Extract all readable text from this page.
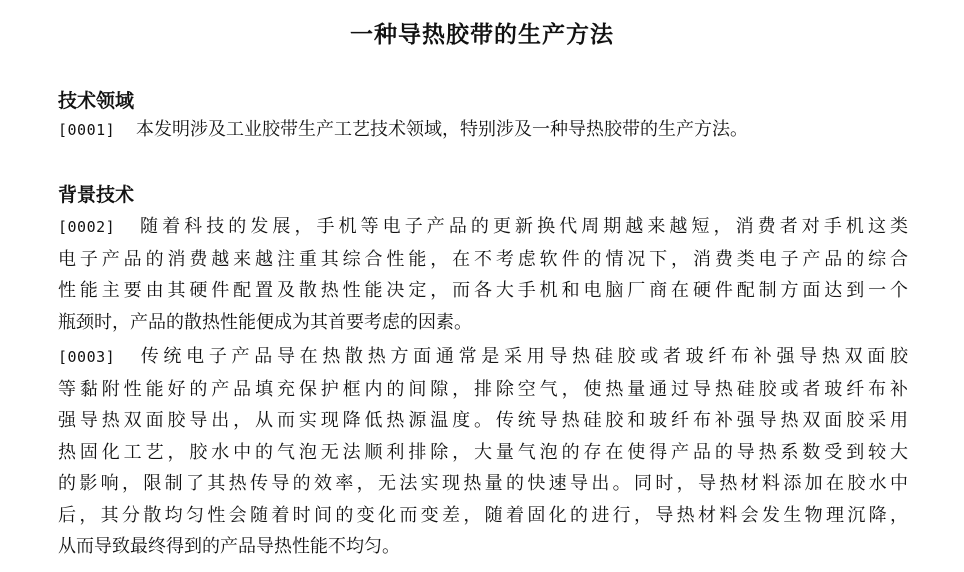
一种导热胶带的生产方法
技术领域
[0001] 本发明涉及工业胶带生产工艺技术领域，特别涉及一种导热胶带的生产方法。
背景技术
[0002] 随着科技的发展，手机等电子产品的更新换代周期越来越短，消费者对手机这类
电子产品的消费越来越注重其综合性能，在不考虑软件的情况下，消费类电子产品的综合
性能主要由其硬件配置及散热性能决定，而各大手机和电脑厂商在硬件配制方面达到一个
瓶颈时，产品的散热性能便成为其首要考虑的因素。
[0003] 传统电子产品导在热散热方面通常是采用导热硅胶或者玻纤布补强导热双面胶
等黏附性能好的产品填充保护框内的间隙，排除空气，使热量通过导热硅胶或者玻纤布补
强导热双面胶导出，从而实现降低热源温度。传统导热硅胶和玻纤布补强导热双面胶采用
热固化工艺，胶水中的气泡无法顺利排除，大量气泡的存在使得产品的导热系数受到较大
的影响，限制了其热传导的效率，无法实现热量的快速导出。同时，导热材料添加在胶水中
后，其分散均匀性会随着时间的变化而变差，随着固化的进行，导热材料会发生物理沉降，
从而导致最终得到的产品导热性能不均匀。
